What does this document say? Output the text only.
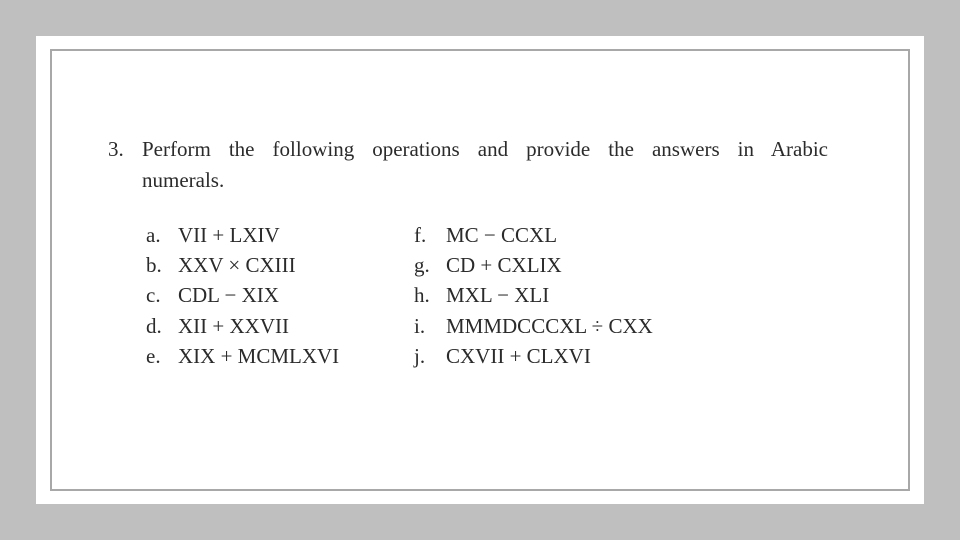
3. Perform the following operations and provide the answers in Arabic
numerals.
a. VII + LXIV
b. XXV × CXIII
c. CDL − XIX
d. XII + XXVII
e. XIX + MCMLXVI
f. MC − CCXL
g. CD + CXLIX
h. MXL − XLI
i. MMMDCCCXL ÷ CXX
j. CXVII + CLXVI
